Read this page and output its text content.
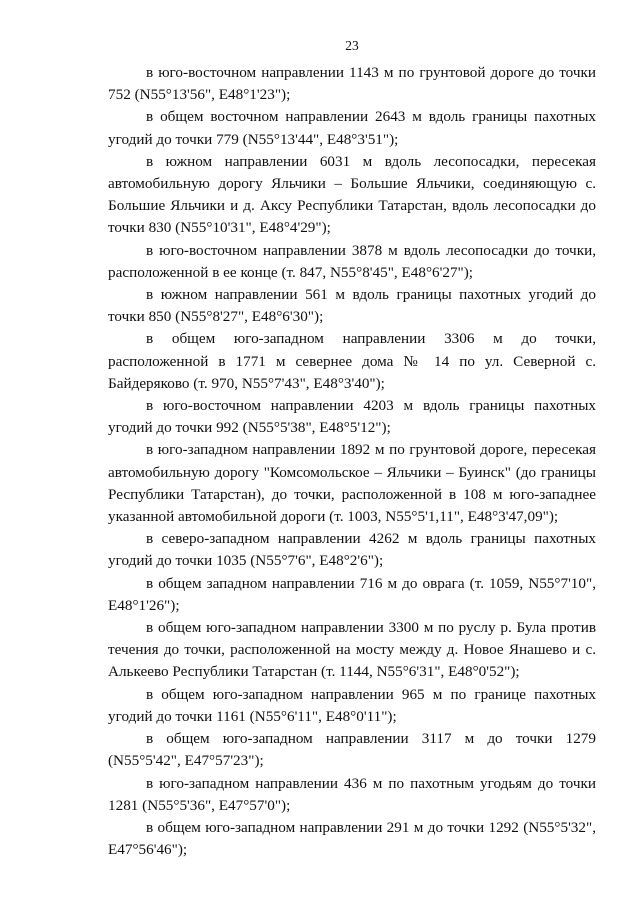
23

в юго-восточном направлении 1143 м по грунтовой дороге до точки 752 (N55°13'56", E48°1'23");

в общем восточном направлении 2643 м вдоль границы пахотных угодий до точки 779 (N55°13'44", E48°3'51");

в южном направлении 6031 м вдоль лесопосадки, пересекая автомобильную дорогу Яльчики – Большие Яльчики, соединяющую с. Большие Яльчики и д. Аксу Республики Татарстан, вдоль лесопосадки до точки 830 (N55°10'31", E48°4'29");

в юго-восточном направлении 3878 м вдоль лесопосадки до точки, расположенной в ее конце (т. 847, N55°8'45", E48°6'27");

в южном направлении 561 м вдоль границы пахотных угодий до точки 850 (N55°8'27", E48°6'30");

в общем юго-западном направлении 3306 м до точки, расположенной в 1771 м севернее дома № 14 по ул. Северной с. Байдеряково (т. 970, N55°7'43", E48°3'40");

в юго-восточном направлении 4203 м вдоль границы пахотных угодий до точки 992 (N55°5'38", E48°5'12");

в юго-западном направлении 1892 м по грунтовой дороге, пересекая автомобильную дорогу "Комсомольское – Яльчики – Буинск" (до границы Республики Татарстан), до точки, расположенной в 108 м юго-западнее указанной автомобильной дороги (т. 1003, N55°5'1,11", E48°3'47,09");

в северо-западном направлении 4262 м вдоль границы пахотных угодий до точки 1035 (N55°7'6", E48°2'6");

в общем западном направлении 716 м до оврага (т. 1059, N55°7'10", E48°1'26");

в общем юго-западном направлении 3300 м по руслу р. Була против течения до точки, расположенной на мосту между д. Новое Янашево и с. Алькеево Республики Татарстан (т. 1144, N55°6'31", E48°0'52");

в общем юго-западном направлении 965 м по границе пахотных угодий до точки 1161 (N55°6'11", E48°0'11");

в общем юго-западном направлении 3117 м до точки 1279 (N55°5'42", E47°57'23");

в юго-западном направлении 436 м по пахотным угодьям до точки 1281 (N55°5'36", E47°57'0");

в общем юго-западном направлении 291 м до точки 1292 (N55°5'32", E47°56'46");
